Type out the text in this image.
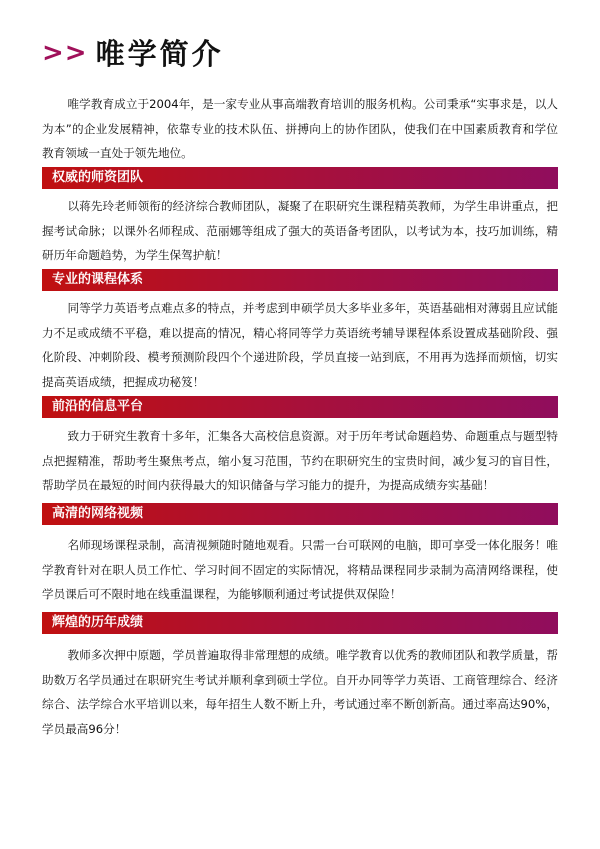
>> 唯学简介

唯学教育成立于2004年，是一家专业从事高端教育培训的服务机构。公司秉承“实事求是，以人为本”的企业发展精神，依靠专业的技术队伍、拼搏向上的协作团队，使我们在中国素质教育和学位教育领域一直处于领先地位。

权威的师资团队

以蒋先玲老师领衔的经济综合教师团队，凝聚了在职研究生课程精英教师，为学生串讲重点，把握考试命脉；以课外名师程成、范丽娜等组成了强大的英语备考团队，以考试为本，技巧加训练，精研历年命题趋势，为学生保驾护航！

专业的课程体系

同等学力英语考点难点多的特点，并考虑到申硕学员大多毕业多年，英语基础相对薄弱且应试能力不足或成绩不平稳，难以提高的情况，精心将同等学力英语统考辅导课程体系设置成基础阶段、强化阶段、冲刺阶段、模考预测阶段四个个递进阶段，学员直接一站到底，不用再为选择而烦恼，切实提高英语成绩，把握成功秘笈！

前沿的信息平台

致力于研究生教育十多年，汇集各大高校信息资源。对于历年考试命题趋势、命题重点与题型特点把握精准，帮助考生聚焦考点，缩小复习范围，节约在职研究生的宝贵时间，减少复习的盲目性，帮助学员在最短的时间内获得最大的知识储备与学习能力的提升，为提高成绩夯实基础！

高清的网络视频

名师现场课程录制，高清视频随时随地观看。只需一台可联网的电脑，即可享受一体化服务！唯学教育针对在职人员工作忙、学习时间不固定的实际情况，将精品课程同步录制为高清网络课程，使学员课后可不限时地在线重温课程，为能够顺利通过考试提供双保险！

辉煌的历年成绩

教师多次押中原题，学员普遍取得非常理想的成绩。唯学教育以优秀的教师团队和教学质量，帮助数万名学员通过在职研究生考试并顺利拿到硕士学位。自开办同等学力英语、工商管理综合、经济综合、法学综合水平培训以来，每年招生人数不断上升，考试通过率不断创新高。通过率高达90%，学员最高96分！
